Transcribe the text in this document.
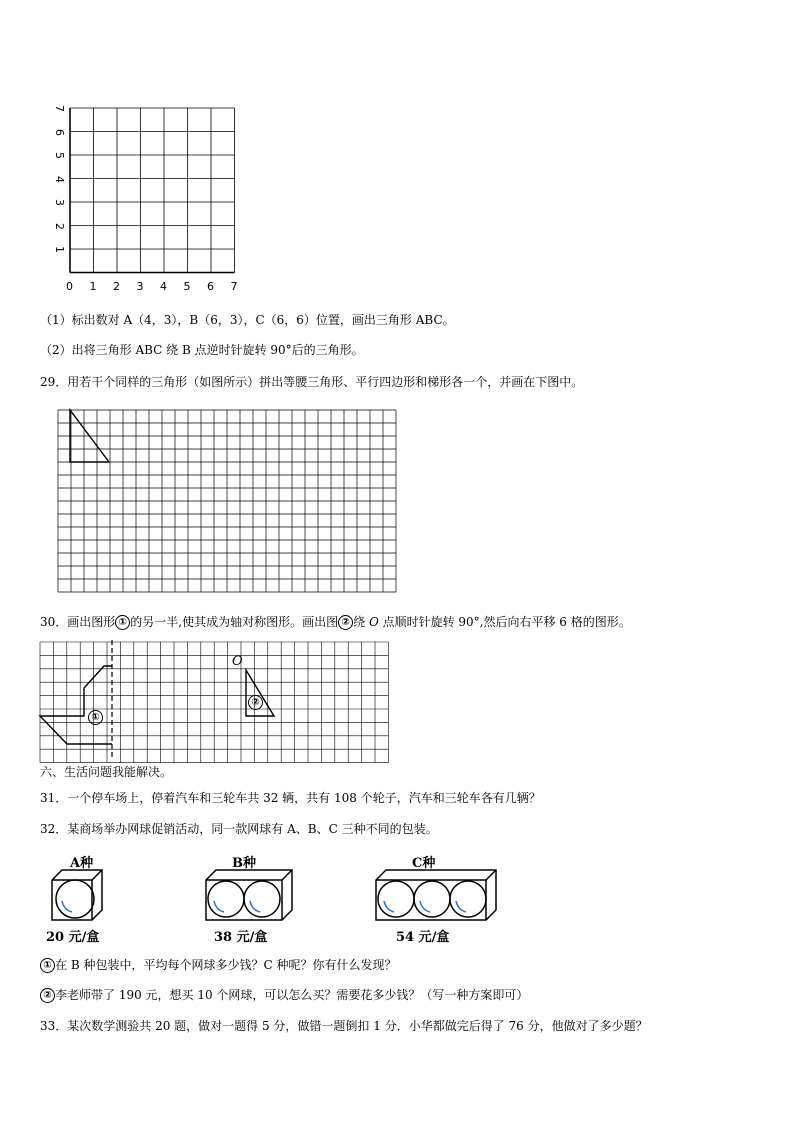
0 1 2 3 4 5 6 7
1
2
3
4
5
6
7
（1）标出数对 A（4，3），B（6，3），C（6，6）位置，画出三角形 ABC。
（2）出将三角形 ABC 绕 B 点逆时针旋转 90°后的三角形。
29．用若干个同样的三角形（如图所示）拼出等腰三角形、平行四边形和梯形各一个，并画在下图中。
30．画出图形 ① 的另一半,使其成为轴对称图形。画出图 ② 绕 O 点顺时针旋转 90°,然后向右平移 6 格的图形。
①
②
O
六、生活问题我能解决。
31．一个停车场上，停着汽车和三轮车共 32 辆，共有 108 个轮子，汽车和三轮车各有几辆？
32．某商场举办网球促销活动，同一款网球有 A、B、C 三种不同的包装。
A种
20 元/盒
B种
38 元/盒
C种
54 元/盒
① 在 B 种包装中，平均每个网球多少钱？C 种呢？你有什么发现？
② 李老师带了 190 元，想买 10 个网球，可以怎么买？需要花多少钱？（写一种方案即可）
33．某次数学测验共 20 题，做对一题得 5 分，做错一题倒扣 1 分．小华都做完后得了 76 分，他做对了多少题？
